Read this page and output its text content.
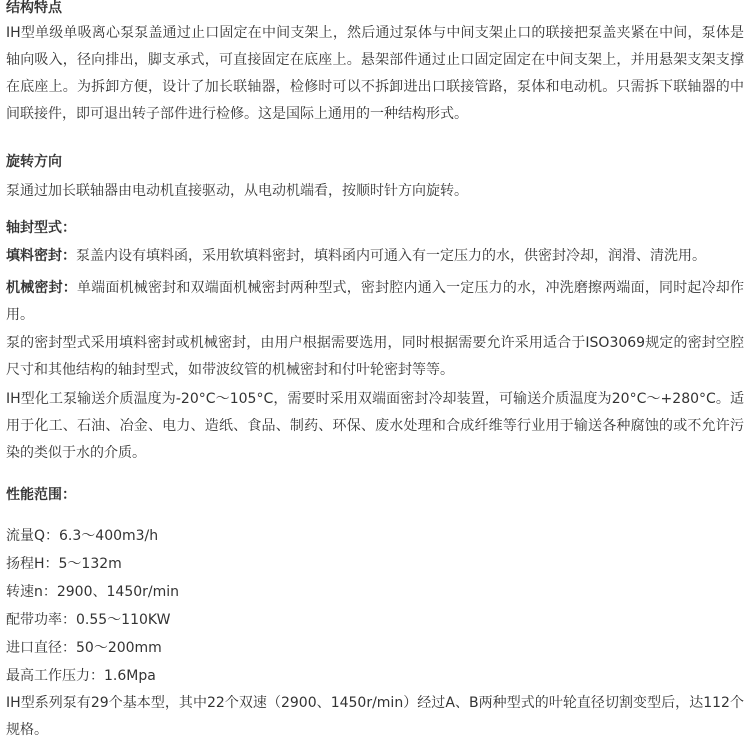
结构特点
IH型单级单吸离心泵泵盖通过止口固定在中间支架上，然后通过泵体与中间支架止口的联接把泵盖夹紧在中间，泵体是轴向吸入，径向排出，脚支承式，可直接固定在底座上。悬架部件通过止口固定固定在中间支架上，并用悬架支架支撑在底座上。为拆卸方便，设计了加长联轴器，检修时可以不拆卸进出口联接管路，泵体和电动机。只需拆下联轴器的中间联接件，即可退出转子部件进行检修。这是国际上通用的一种结构形式。
旋转方向
泵通过加长联轴器由电动机直接驱动，从电动机端看，按顺时针方向旋转。
轴封型式：
填料密封：泵盖内设有填料函，采用软填料密封，填料函内可通入有一定压力的水，供密封冷却，润滑、清洗用。
机械密封：单端面机械密封和双端面机械密封两种型式，密封腔内通入一定压力的水，冲洗磨擦两端面，同时起冷却作用。
泵的密封型式采用填料密封或机械密封，由用户根据需要选用，同时根据需要允许采用适合于ISO3069规定的密封空腔尺寸和其他结构的轴封型式，如带波纹管的机械密封和付叶轮密封等等。
IH型化工泵输送介质温度为-20°C～105°C，需要时采用双端面密封冷却装置，可输送介质温度为20°C～+280°C。适用于化工、石油、冶金、电力、造纸、食品、制药、环保、废水处理和合成纤维等行业用于输送各种腐蚀的或不允许污染的类似于水的介质。
性能范围：
流量Q：6.3～400m3/h
扬程H：5～132m
转速n：2900、1450r/min
配带功率：0.55～110KW
进口直径：50～200mm
最高工作压力：1.6Mpa
IH型系列泵有29个基本型，其中22个双速（2900、1450r/min）经过A、B两种型式的叶轮直径切割变型后，达112个规格。
